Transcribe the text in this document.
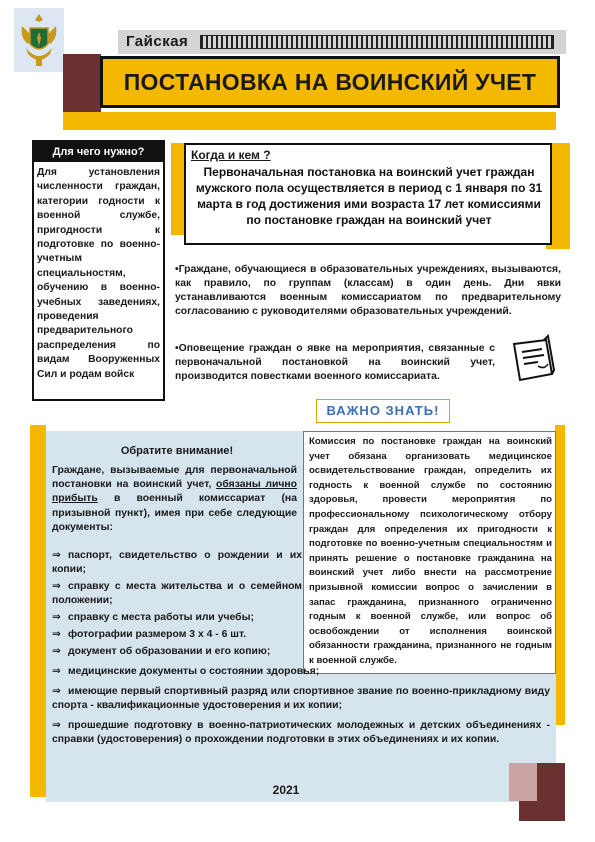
Гайская
ПОСТАНОВКА НА ВОИНСКИЙ УЧЕТ
Для чего нужно?
Для установления численности граждан, категории годности к военной службе, пригодности к подготовке по военно-учетным специальностям, обучению в военно-учебных заведениях, проведения предварительного распределения по видам Вооруженных Сил и родам войск
Когда и кем ?
Первоначальная постановка на воинский учет граждан мужского пола осуществляется в период с 1 января по 31 марта в год достижения ими возраста 17 лет комиссиями по постановке граждан на воинский учет
•Граждане, обучающиеся в образовательных учреждениях, вызываются, как правило, по группам (классам) в один день. Дни явки устанавливаются военным комиссариатом по предварительному согласованию с руководителями образовательных учреждений.
•Оповещение граждан о явке на мероприятия, связанные с первоначальной постановкой на воинский учет, производится повестками военного комиссариата.
ВАЖНО ЗНАТЬ!
Комиссия по постановке граждан на воинский учет обязана организовать медицинское освидетельствование граждан, определить их годность к военной службе по состоянию здоровья, провести мероприятия по профессиональному психологическому отбору граждан для определения их пригодности к подготовке по военно-учетным специальностям и принять решение о постановке гражданина на воинский учет либо внести на рассмотрение призывной комиссии вопрос о зачислении в запас гражданина, признанного ограниченно годным к военной службе, или вопрос об освобождении от исполнения воинской обязанности гражданина, признанного не годным к военной службе.
Обратите внимание!
Граждане, вызываемые для первоначальной постановки на воинский учет, обязаны лично прибыть в военный комиссариат (на призывной пункт), имея при себе следующие документы:
⇒ паспорт, свидетельство о рождении и их копии;
⇒ справку с места жительства и о семейном положении;
⇒ справку с места работы или учебы;
⇒ фотографии размером 3 x 4 - 6 шт.
⇒ документ об образовании и его копию;
⇒ медицинские документы о состоянии здоровья;
⇒ имеющие первый спортивный разряд или спортивное звание по военно-прикладному виду спорта - квалификационные удостоверения и их копии;
⇒ прошедшие подготовку в военно-патриотических молодежных и детских объединениях - справки (удостоверения) о прохождении подготовки в этих объединениях и их копии.
2021
